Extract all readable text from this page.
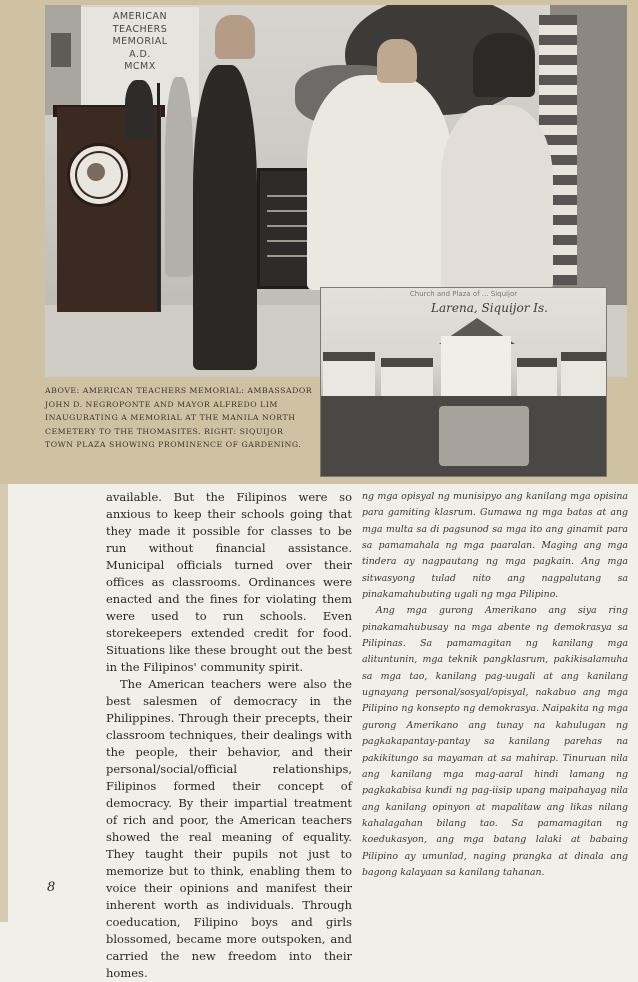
AMERICAN
TEACHERS
MEMORIAL
A.D.
MCMX
Church and Plaza of ... Siquijor
Larena, Siquijor Is.
ABOVE: AMERICAN TEACHERS MEMORIAL: AMBASSADOR JOHN D. NEGROPONTE AND MAYOR ALFREDO LIM INAUGURATING A MEMORIAL AT THE MANILA NORTH CEMETERY TO THE THOMASITES. RIGHT: SIQUIJOR TOWN PLAZA SHOWING PROMINENCE OF GARDENING.

available. But the Filipinos were so anxious to keep their schools going that they made it possible for classes to be run without financial assistance. Municipal officials turned over their offices as classrooms. Ordinances were enacted and the fines for violating them were used to run schools. Even storekeepers extended credit for food. Situations like these brought out the best in the Filipinos' community spirit.

The American teachers were also the best salesmen of democracy in the Philippines. Through their precepts, their classroom techniques, their dealings with the people, their behavior, and their personal/social/official relationships, Filipinos formed their concept of democracy. By their impartial treatment of rich and poor, the American teachers showed the real meaning of equality. They taught their pupils not just to memorize but to think, enabling them to voice their opinions and manifest their inherent worth as individuals. Through coeducation, Filipino boys and girls blossomed, became more outspoken, and carried the new freedom into their homes.

ng mga opisyal ng munisipyo ang kanilang mga opisina para gamiting klasrum. Gumawa ng mga batas at ang mga multa sa di pagsunod sa mga ito ang ginamit para sa pamamahala ng mga paaralan. Maging ang mga tindera ay nagpautang ng mga pagkain. Ang mga sitwasyong tulad nito ang nagpalutang sa pinakamahubuting ugali ng mga Pilipino.

Ang mga gurong Amerikano ang siya ring pinakamahubusay na mga abente ng demokrasya sa Pilipinas. Sa pamamagitan ng kanilang mga alituntunin, mga teknik pangklasrum, pakikisalamuha sa mga tao, kanilang pag-uugali at ang kanilang ugnayang personal/sosyal/opisyal, nakabuo ang mga Pilipino ng konsepto ng demokrasya. Naipakita ng mga gurong Amerikano ang tunay na kahulugan ng pagkakapantay-pantay sa kanilang parehas na pakikitungo sa mayaman at sa mahirap. Tinuruan nila ang kanilang mga mag-aaral hindi lamang ng pagkakabisa kundi ng pag-iisip upang maipahayag nila ang kanilang opinyon at mapalitaw ang likas nilang kahalagahan bilang tao. Sa pamamagitan ng koedukasyon, ang mga batang lalaki at babaing Pilipino ay umunlad, naging prangka at dinala ang bagong kalayaan sa kanilang tahanan.

8
